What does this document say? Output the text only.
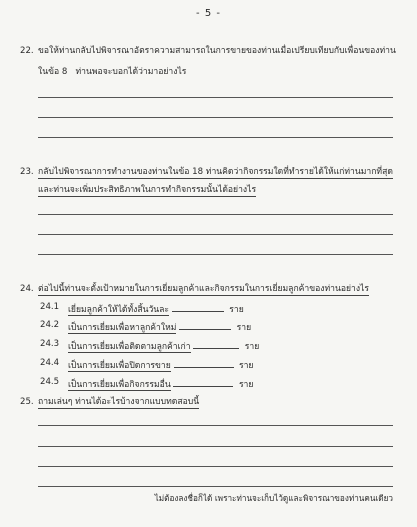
- 5 -
22. ขอให้ท่านกลับไปพิจารณาอัตราความสามารถในการขายของท่านเมื่อเปรียบเทียบกับเพื่อนของท่าน
ในข้อ 8 ท่านพอจะบอกได้ว่ามาอย่างไร
23. กลับไปพิจารณาการทำงานของท่านในข้อ 18 ท่านคิดว่ากิจกรรมใดที่ทำรายได้ให้แก่ท่านมากที่สุด
และท่านจะเพิ่มประสิทธิภาพในการทำกิจกรรมนั้นได้อย่างไร
24. ต่อไปนี้ท่านจะตั้งเป้าหมายในการเยี่ยมลูกค้าและกิจกรรมในการเยี่ยมลูกค้าของท่านอย่างไร
24.1 เยี่ยมลูกค้าให้ได้ทั้งสิ้นวันละ	ราย
24.2 เป็นการเยี่ยมเพื่อหาลูกค้าใหม่	ราย
24.3 เป็นการเยี่ยมเพื่อติดตามลูกค้าเก่า	ราย
24.4 เป็นการเยี่ยมเพื่อปิดการขาย	ราย
24.5 เป็นการเยี่ยมเพื่อกิจกรรมอื่น	ราย
25. ถามเล่นๆ ท่านได้อะไรบ้างจากแบบทดสอบนี้
ไม่ต้องลงชื่อก็ได้ เพราะท่านจะเก็บไว้ดูและพิจารณาของท่านคนเดียว
